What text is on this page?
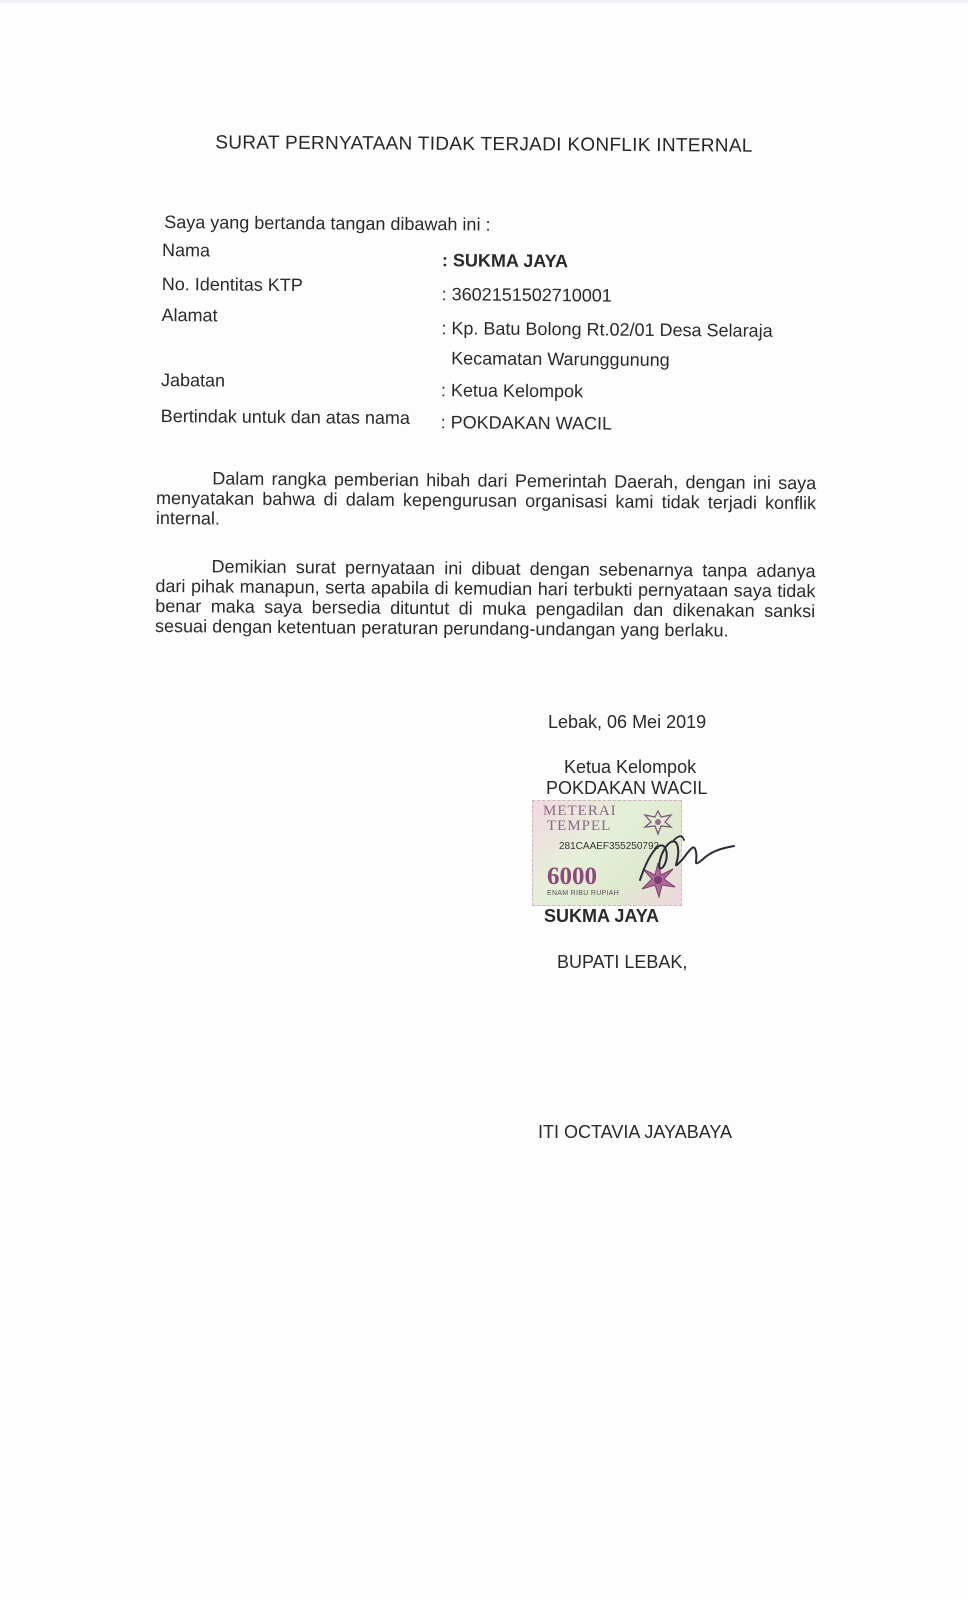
SURAT PERNYATAAN TIDAK TERJADI KONFLIK INTERNAL
Saya yang bertanda tangan dibawah ini :
Nama
: SUKMA JAYA
No. Identitas KTP	: 3602151502710001
Alamat
: Kp. Batu Bolong Rt.02/01 Desa Selaraja
Kecamatan Warunggunung
Jabatan	: Ketua Kelompok
Bertindak untuk dan atas nama : POKDAKAN WACIL
Dalam rangka pemberian hibah dari Pemerintah Daerah, dengan ini saya menyatakan bahwa di dalam kepengurusan organisasi kami tidak terjadi konflik internal.
Demikian surat pernyataan ini dibuat dengan sebenarnya tanpa adanya dari pihak manapun, serta apabila di kemudian hari terbukti pernyataan saya tidak benar maka saya bersedia dituntut di muka pengadilan dan dikenakan sanksi sesuai dengan ketentuan peraturan perundang-undangan yang berlaku.
Lebak, 06 Mei 2019
Ketua Kelompok
POKDAKAN WACIL
METERAI
TEMPEL
281CAAEF355250792
6000
ENAM RIBU RUPIAH
SUKMA JAYA
BUPATI LEBAK,
ITI OCTAVIA JAYABAYA
